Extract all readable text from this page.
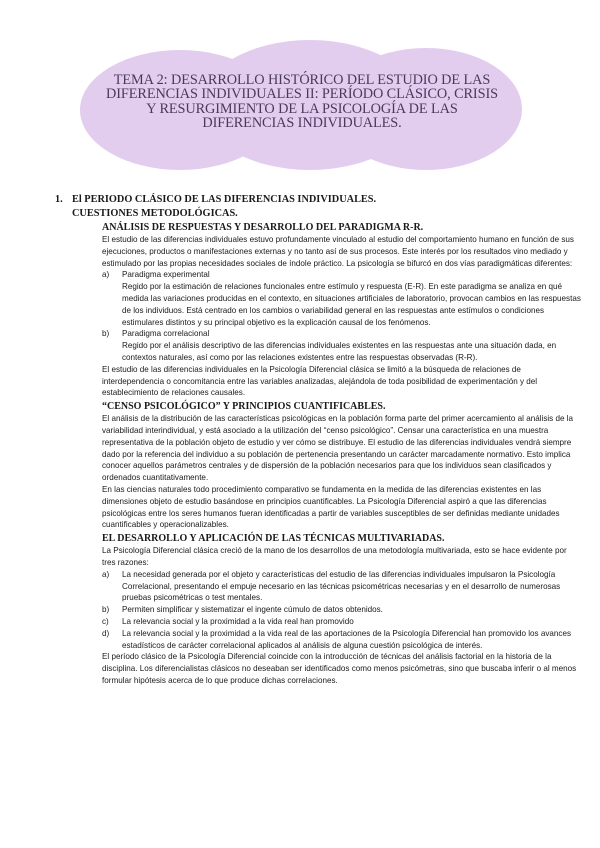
TEMA 2: DESARROLLO HISTÓRICO DEL ESTUDIO DE LAS DIFERENCIAS INDIVIDUALES II: PERÍODO CLÁSICO, CRISIS Y RESURGIMIENTO DE LA PSICOLOGÍA DE LAS DIFERENCIAS INDIVIDUALES.
1. El PERIODO CLÁSICO DE LAS DIFERENCIAS INDIVIDUALES.
CUESTIONES METODOLÓGICAS.
ANÁLISIS DE RESPUESTAS Y DESARROLLO DEL PARADIGMA R-R.

El estudio de las diferencias individuales estuvo profundamente vinculado al estudio del comportamiento humano en función de sus ejecuciones, productos o manifestaciones externas y no tanto así de sus procesos. Este interés por los resultados vino mediado y estimulado por las propias necesidades sociales de índole práctico. La psicología se bifurcó en dos vías paradigmáticas diferentes:

a) Paradigma experimental

Regido por la estimación de relaciones funcionales entre estímulo y respuesta (E-R). En este paradigma se analiza en qué medida las variaciones producidas en el contexto, en situaciones artificiales de laboratorio, provocan cambios en las respuestas de los individuos. Está centrado en los cambios o variabilidad general en las respuestas ante estímulos o condiciones estimulares distintos y su principal objetivo es la explicación causal de los fenómenos.

b) Paradigma correlacional

Regido por el análisis descriptivo de las diferencias individuales existentes en las respuestas ante una situación dada, en contextos naturales, así como por las relaciones existentes entre las respuestas observadas (R-R).

El estudio de las diferencias individuales en la Psicología Diferencial clásica se limitó a la búsqueda de relaciones de interdependencia o concomitancia entre las variables analizadas, alejándola de toda posibilidad de experimentación y del establecimiento de relaciones causales.

“CENSO PSICOLÓGICO” Y PRINCIPIOS CUANTIFICABLES.

El análisis de la distribución de las características psicológicas en la población forma parte del primer acercamiento al análisis de la variabilidad interindividual, y está asociado a la utilización del “censo psicológico”. Censar una característica en una muestra representativa de la población objeto de estudio y ver cómo se distribuye. El estudio de las diferencias individuales vendrá siempre dado por la referencia del individuo a su población de pertenencia presentando un carácter marcadamente normativo. Esto implica conocer aquellos parámetros centrales y de dispersión de la población necesarios para que los individuos sean clasificados y ordenados cuantitativamente.

En las ciencias naturales todo procedimiento comparativo se fundamenta en la medida de las diferencias existentes en las dimensiones objeto de estudio basándose en principios cuantificables. La Psicología Diferencial aspiró a que las diferencias psicológicas entre los seres humanos fueran identificadas a partir de variables susceptibles de ser definidas mediante unidades cuantificables y operacionalizables.

EL DESARROLLO Y APLICACIÓN DE LAS TÉCNICAS MULTIVARIADAS.

La Psicología Diferencial clásica creció de la mano de los desarrollos de una metodología multivariada, esto se hace evidente por tres razones:

a) La necesidad generada por el objeto y características del estudio de las diferencias individuales impulsaron la Psicología Correlacional, presentando el empuje necesario en las técnicas psicométricas necesarias y en el desarrollo de numerosas pruebas psicométricas o test mentales.
b) Permiten simplificar y sistematizar el ingente cúmulo de datos obtenidos.
c) La relevancia social y la proximidad a la vida real han promovido
d) La relevancia social y la proximidad a la vida real de las aportaciones de la Psicología Diferencial han promovido los avances estadísticos de carácter correlacional aplicados al análisis de alguna cuestión psicológica de interés.

El período clásico de la Psicología Diferencial coincide con la introducción de técnicas del análisis factorial en la historia de la disciplina. Los diferencialistas clásicos no deseaban ser identificados como menos psicómetras, sino que buscaba inferir o al menos formular hipótesis acerca de lo que produce dichas correlaciones.
